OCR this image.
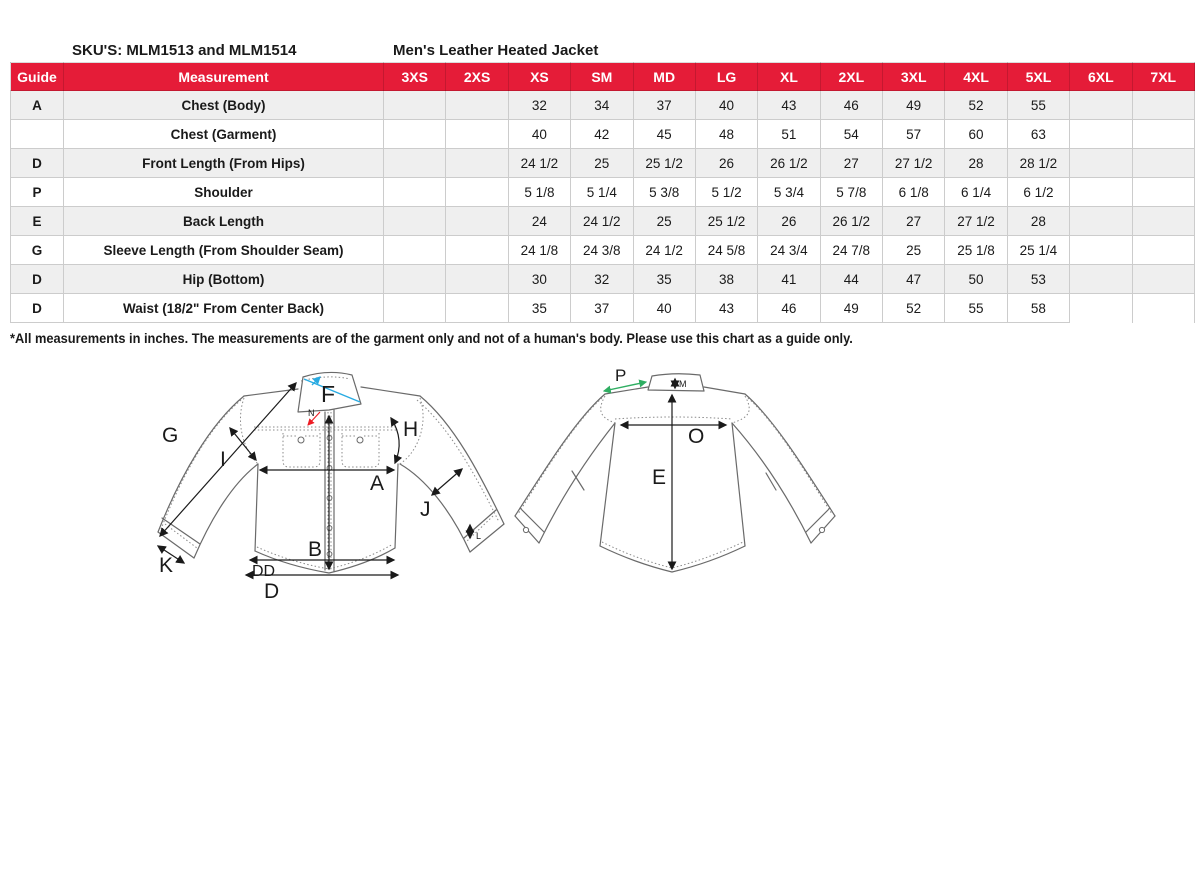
SKU'S: MLM1513 and MLM1514	Men's Leather Heated Jacket
Guide	Measurement	3XS	2XS	XS	SM	MD	LG	XL	2XL	3XL	4XL	5XL	6XL	7XL
A	Chest (Body)			32	34	37	40	43	46	49	52	55		
	Chest (Garment)			40	42	45	48	51	54	57	60	63		
D	Front Length (From Hips)			24 1/2	25	25 1/2	26	26 1/2	27	27 1/2	28	28 1/2		
P	Shoulder			5 1/8	5 1/4	5 3/8	5 1/2	5 3/4	5 7/8	6 1/8	6 1/4	6 1/2		
E	Back Length			24	24 1/2	25	25 1/2	26	26 1/2	27	27 1/2	28		
G	Sleeve Length (From Shoulder Seam)			24 1/8	24 3/8	24 1/2	24 5/8	24 3/4	24 7/8	25	25 1/8	25 1/4		
D	Hip (Bottom)			30	32	35	38	41	44	47	50	53		
D	Waist (18/2" From Center Back)			35	37	40	43	46	49	52	55	58		
*All measurements in inches. The measurements are of the garment only and not of a human's body. Please use this chart as a guide only.
F
N
G
I
H
A
J
B
K	DD
D
L
P	M
O
E
